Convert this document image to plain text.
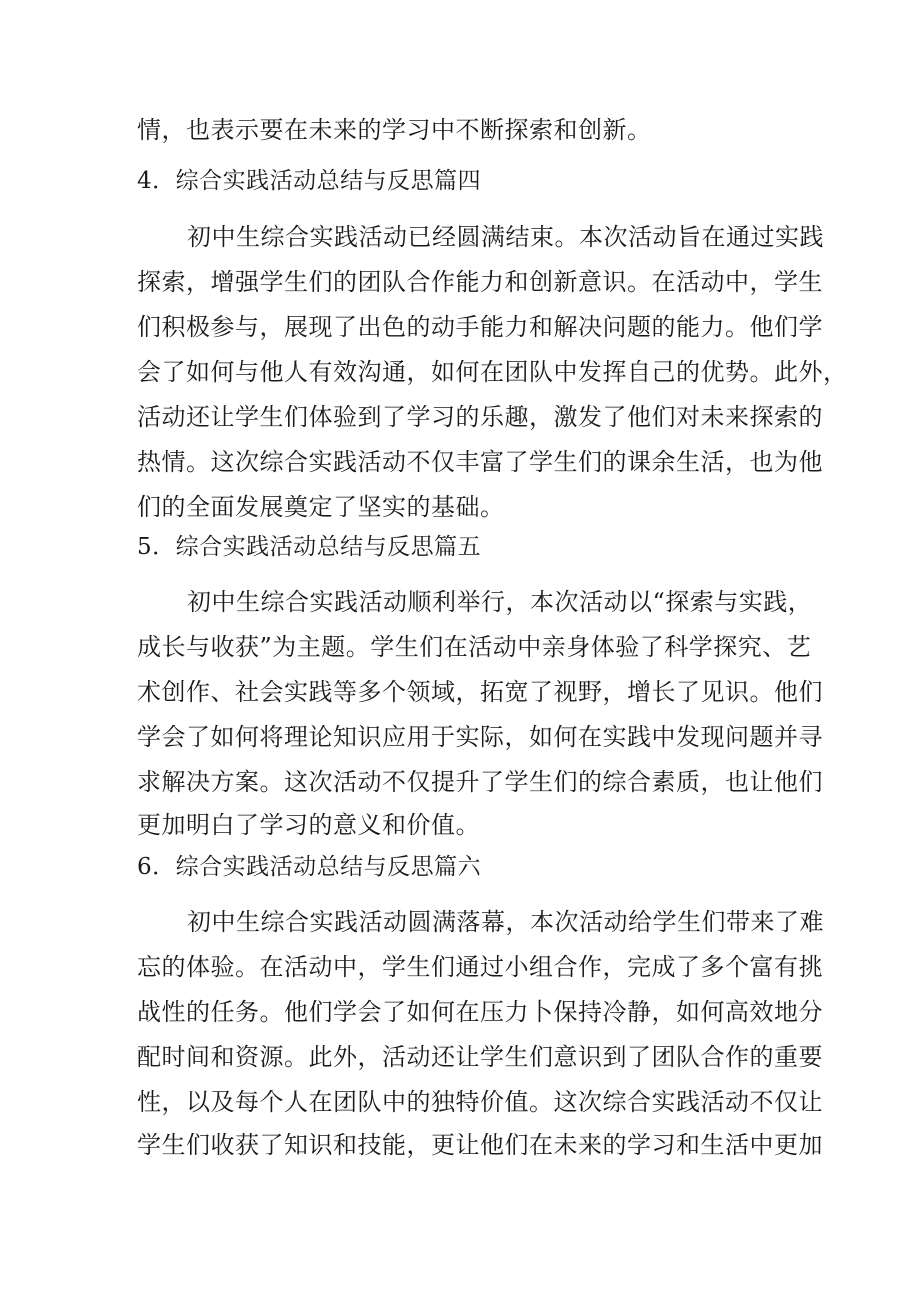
情，也表示要在未来的学习中不断探索和创新。
4．综合实践活动总结与反思篇四
初中生综合实践活动已经圆满结束。本次活动旨在通过实践
探索，增强学生们的团队合作能力和创新意识。在活动中，学生
们积极参与，展现了出色的动手能力和解决问题的能力。他们学
会了如何与他人有效沟通，如何在团队中发挥自己的优势。此外，
活动还让学生们体验到了学习的乐趣，激发了他们对未来探索的
热情。这次综合实践活动不仅丰富了学生们的课余生活，也为他
们的全面发展奠定了坚实的基础。
5．综合实践活动总结与反思篇五
初中生综合实践活动顺利举行，本次活动以“探索与实践，
成长与收获”为主题。学生们在活动中亲身体验了科学探究、艺
术创作、社会实践等多个领域，拓宽了视野，增长了见识。他们
学会了如何将理论知识应用于实际，如何在实践中发现问题并寻
求解决方案。这次活动不仅提升了学生们的综合素质，也让他们
更加明白了学习的意义和价值。
6．综合实践活动总结与反思篇六
初中生综合实践活动圆满落幕，本次活动给学生们带来了难
忘的体验。在活动中，学生们通过小组合作，完成了多个富有挑
战性的任务。他们学会了如何在压力卜保持冷静，如何高效地分
配时间和资源。此外，活动还让学生们意识到了团队合作的重要
性，以及每个人在团队中的独特价值。这次综合实践活动不仅让
学生们收获了知识和技能，更让他们在未来的学习和生活中更加
